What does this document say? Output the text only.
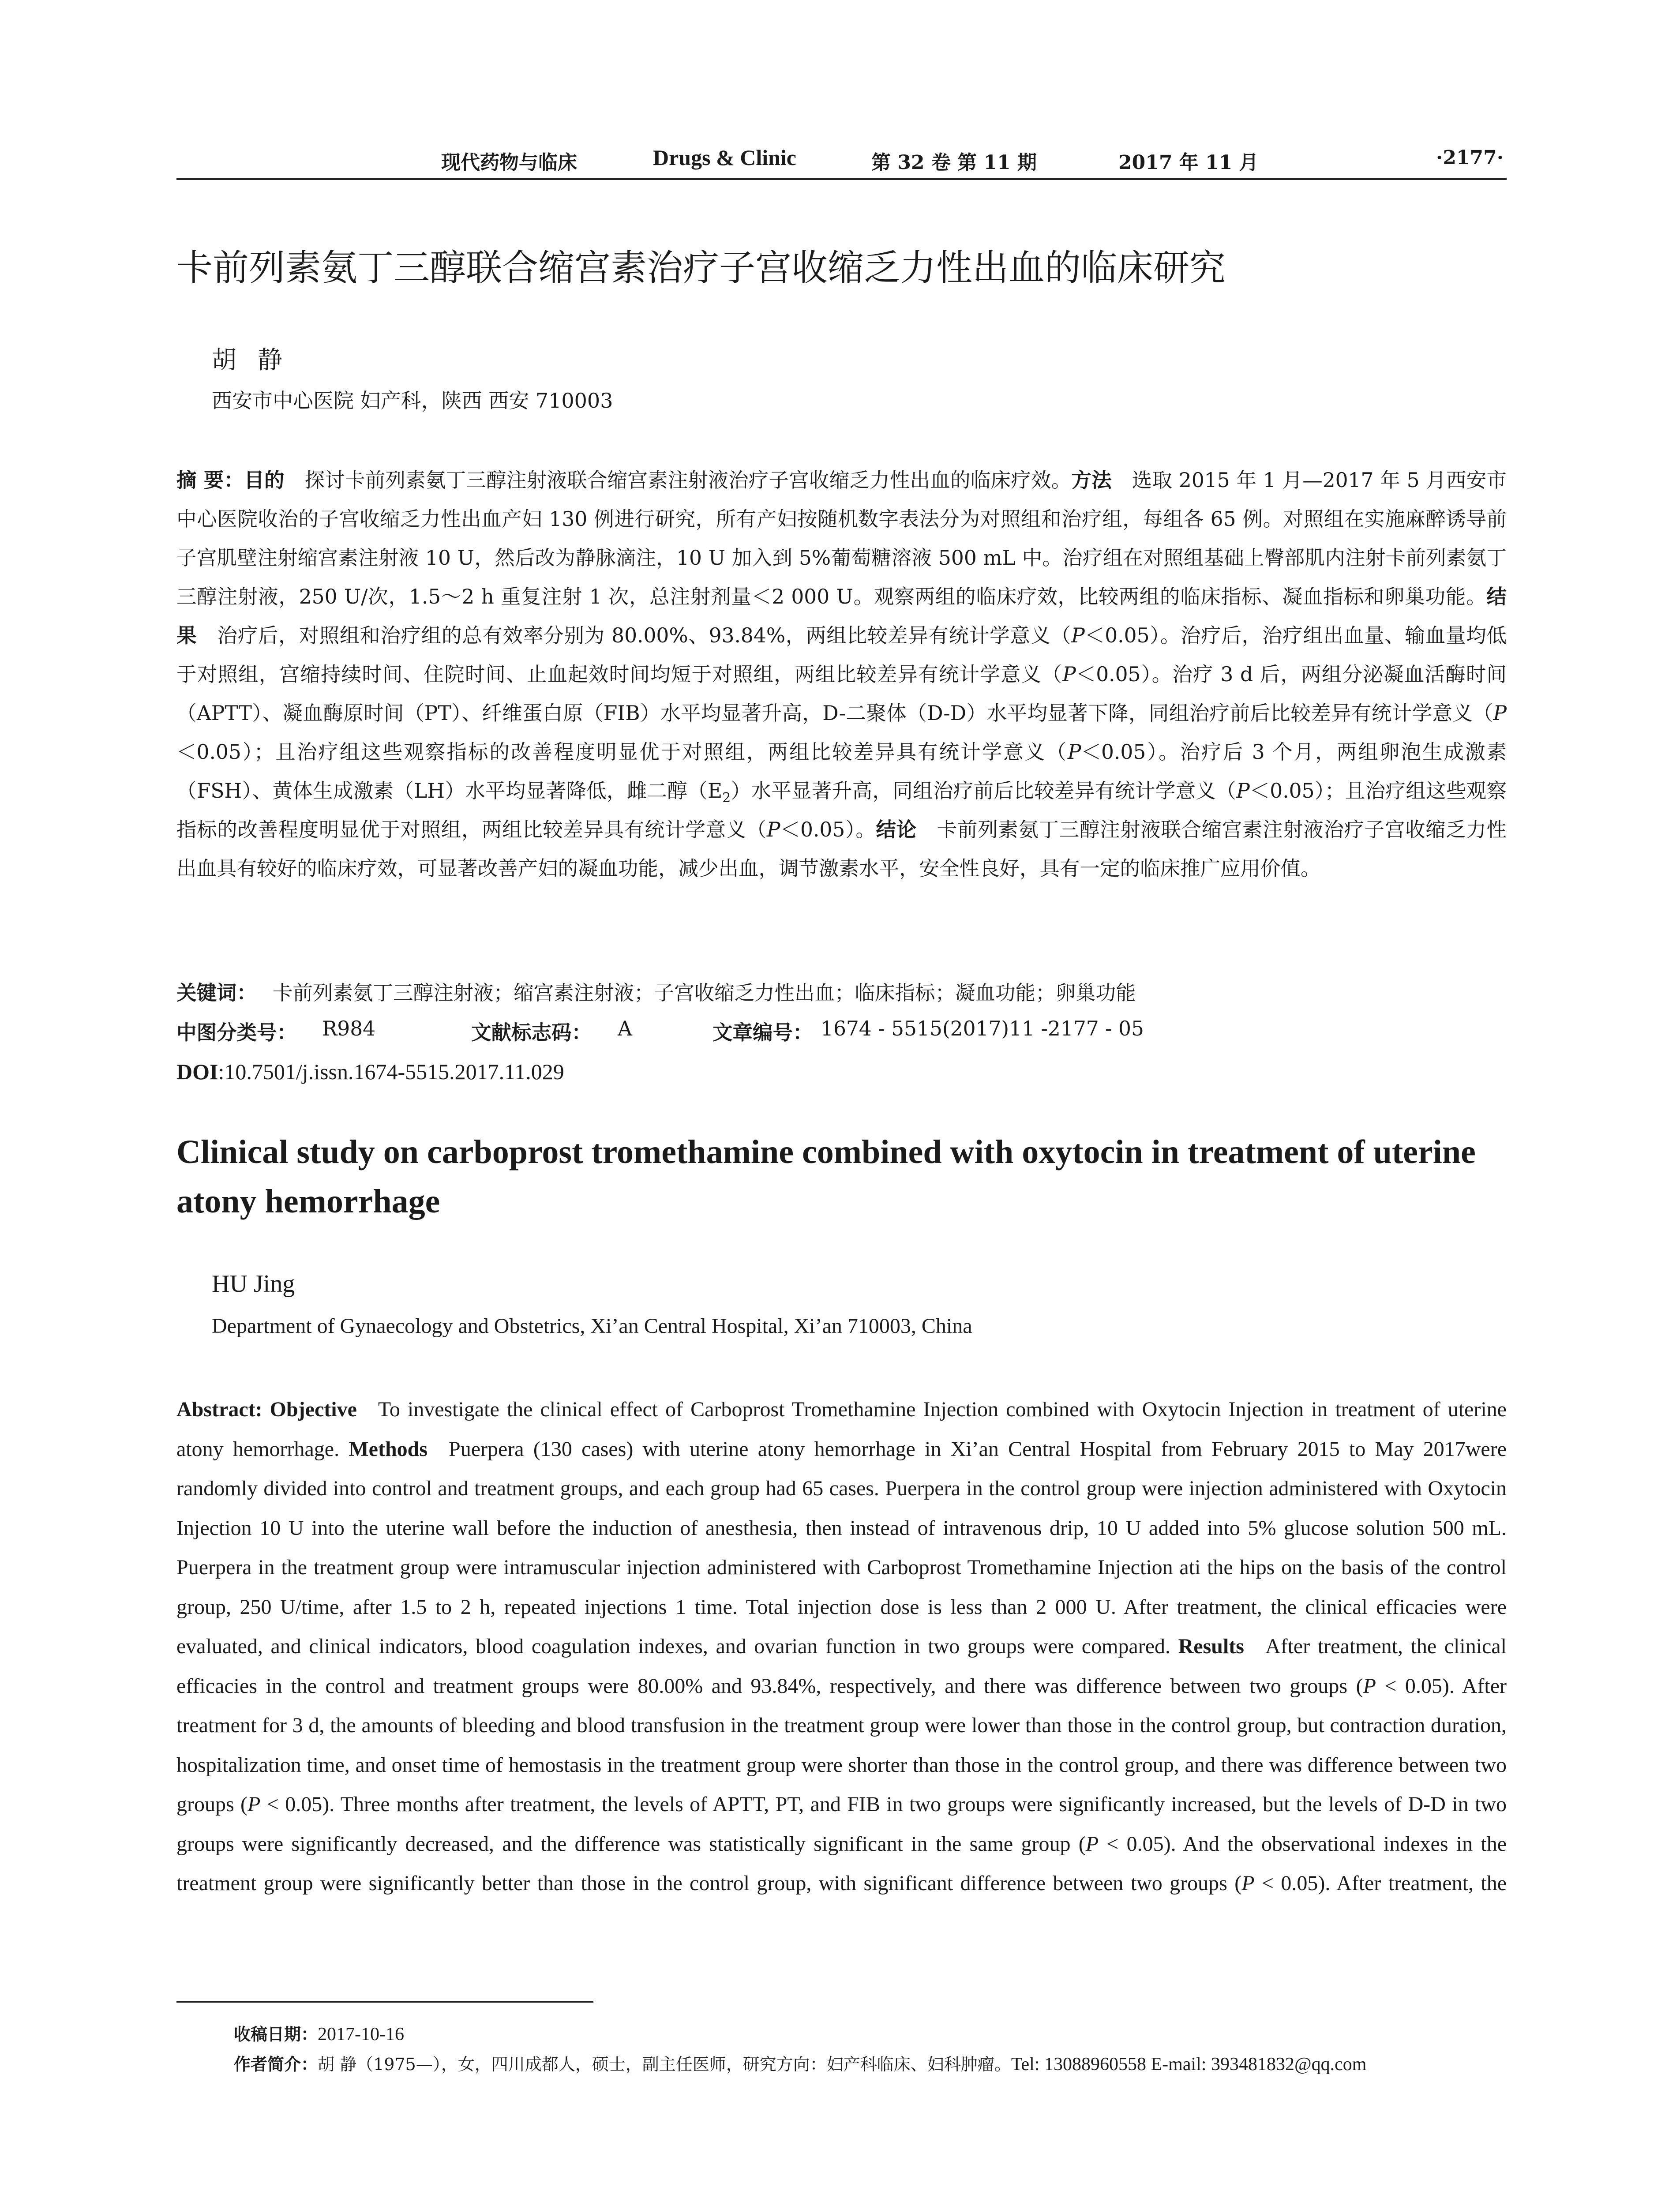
现代药物与临床	Drugs & Clinic	第 32 卷 第 11 期	2017 年 11 月	·2177·
卡前列素氨丁三醇联合缩宫素治疗子宫收缩乏力性出血的临床研究
胡静
西安市中心医院 妇产科，陕西 西安 710003

摘 要：目的  探讨卡前列素氨丁三醇注射液联合缩宫素注射液治疗子宫收缩乏力性出血的临床疗效。方法  选取 2015 年 1 月—2017 年 5 月西安市中心医院收治的子宫收缩乏力性出血产妇 130 例进行研究，所有产妇按随机数字表法分为对照组和治疗组，每组各 65 例。对照组在实施麻醉诱导前子宫肌壁注射缩宫素注射液 10 U，然后改为静脉滴注，10 U 加入到 5%葡萄糖溶液 500 mL 中。治疗组在对照组基础上臀部肌内注射卡前列素氨丁三醇注射液，250 U/次，1.5～2 h 重复注射 1 次，总注射剂量＜2 000 U。观察两组的临床疗效，比较两组的临床指标、凝血指标和卵巢功能。结果  治疗后，对照组和治疗组的总有效率分别为 80.00%、93.84%，两组比较差异有统计学意义（P＜0.05）。治疗后，治疗组出血量、输血量均低于对照组，宫缩持续时间、住院时间、止血起效时间均短于对照组，两组比较差异有统计学意义（P＜0.05）。治疗 3 d 后，两组分泌凝血活酶时间（APTT）、凝血酶原时间（PT）、纤维蛋白原（FIB）水平均显著升高，D-二聚体（D-D）水平均显著下降，同组治疗前后比较差异有统计学意义（P＜0.05）；且治疗组这些观察指标的改善程度明显优于对照组，两组比较差异具有统计学意义（P＜0.05）。治疗后 3 个月，两组卵泡生成激素（FSH）、黄体生成激素（LH）水平均显著降低，雌二醇$(E_2)$水平显著升高，同组治疗前后比较差异有统计学意义（P＜0.05）；且治疗组这些观察指标的改善程度明显优于对照组，两组比较差异具有统计学意义（P＜0.05）。结论  卡前列素氨丁三醇注射液联合缩宫素注射液治疗子宫收缩乏力性出血具有较好的临床疗效，可显著改善产妇的凝血功能，减少出血，调节激素水平，安全性良好，具有一定的临床推广应用价值。

关键词： 卡前列素氨丁三醇注射液；缩宫素注射液；子宫收缩乏力性出血；临床指标；凝血功能；卵巢功能
中图分类号： R984	文献标志码： A	文章编号： 1674 - 5515(2017)11 -2177 - 05
DOI:10.7501/j.issn.1674-5515.2017.11.029
Clinical study on carboprost tromethamine combined with oxytocin in treatment of uterine atony hemorrhage
HU Jing
Department of Gynaecology and Obstetrics, Xi’an Central Hospital, Xi’an 710003, China
Abstract: Objective   To investigate the clinical effect of Carboprost Tromethamine Injection combined with Oxytocin Injection in treatment of uterine atony hemorrhage. Methods   Puerpera (130 cases) with uterine atony hemorrhage in Xi’an Central Hospital from February 2015 to May 2017were randomly divided into control and treatment groups, and each group had 65 cases. Puerpera in the control group were injection administered with Oxytocin Injection 10 U into the uterine wall before the induction of anesthesia, then instead of intravenous drip, 10 U added into 5% glucose solution 500 mL. Puerpera in the treatment group were intramuscular injection administered with Carboprost Tromethamine Injection ati the hips on the basis of the control group, 250 U/time, after 1.5 to 2 h, repeated injections 1 time. Total injection dose is less than 2 000 U. After treatment, the clinical efficacies were evaluated, and clinical indicators, blood coagulation indexes, and ovarian function in two groups were compared. Results   After treatment, the clinical efficacies in the control and treatment groups were 80.00% and 93.84%, respectively, and there was difference between two groups (P < 0.05). After treatment for 3 d, the amounts of bleeding and blood transfusion in the treatment group were lower than those in the control group, but contraction duration, hospitalization time, and onset time of hemostasis in the treatment group were shorter than those in the control group, and there was difference between two groups (P < 0.05). Three months after treatment, the levels of APTT, PT, and FIB in two groups were significantly increased, but the levels of D-D in two groups were significantly decreased, and the difference was statistically significant in the same group (P < 0.05). And the observational indexes in the treatment group were significantly better than those in the control group, with significant difference between two groups (P < 0.05). After treatment, the
收稿日期：2017-10-16
作者简介：胡 静（1975—），女，四川成都人，硕士，副主任医师，研究方向：妇产科临床、妇科肿瘤。Tel: 13088960558 E-mail: 393481832@qq.com
